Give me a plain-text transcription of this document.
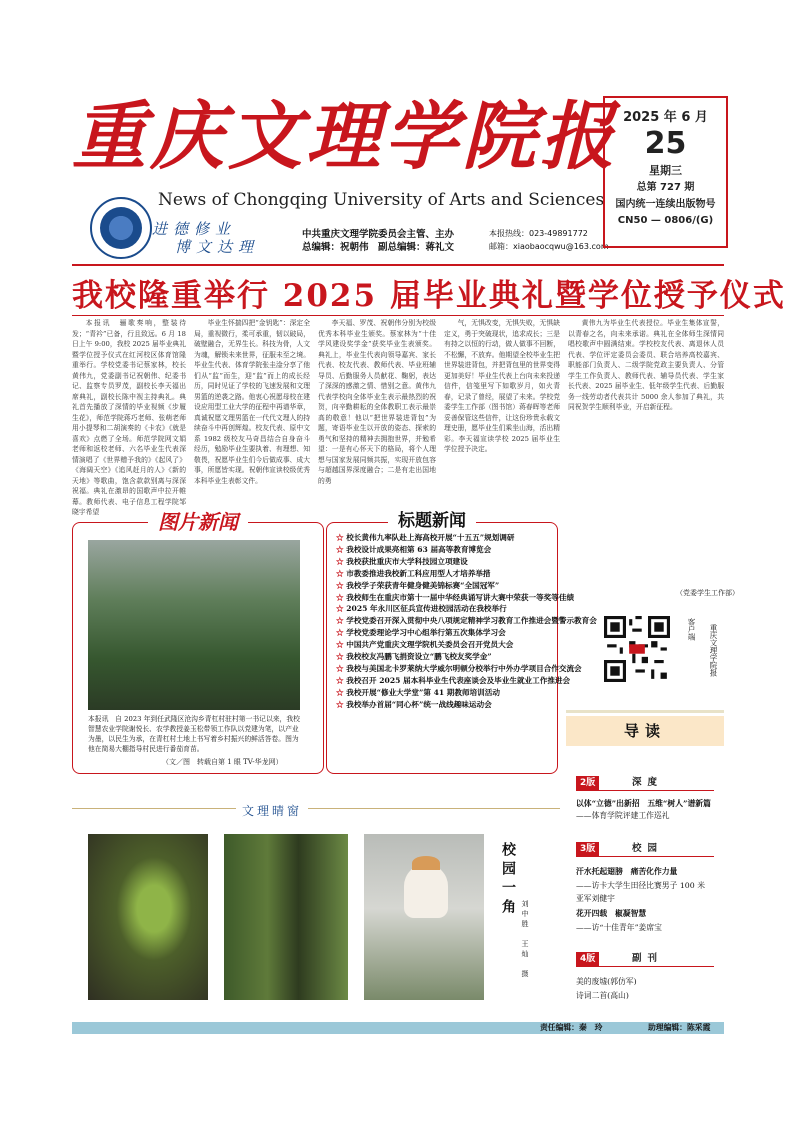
重庆文理学院报
News of Chongqing University of Arts and Sciences
进德修业
博文达理
中共重庆文理学院委员会主管、主办
总编辑：祝朝伟　副总编辑：蒋礼文
本报热线：023-49891772
邮箱：xiaobaocqwu@163.com
2025 年 6 月
25
星期三
总第 727 期
国内统一连续出版物号
CN50 — 0806/(G)
我校隆重举行 2025 届毕业典礼暨学位授予仪式

本报讯　骊歌奏响，整装待发；“青衿”已备，行且致远。6 月 18 日上午 9:00，我校 2025 届毕业典礼暨学位授予仪式在红河校区体育馆隆重举行。学校党委书记蔡家林，校长黄伟九，党委副书记祝朝伟、纪委书记、监察专员罗茂，副校长李天福出席典礼，副校长陈中视主持典礼。典礼首先播放了深情的毕业视频《步履生花》，师范学院蒋巧老师、张萌老师用小提琴和二胡演奏的《卡农》《就是喜欢》点燃了全场。师范学院网文娟老师和返校老师、六名毕业生代表深情演唱了《世界赠予我的》《起风了》《海阔天空》《追风赶月的人》《新的天地》等歌曲，饱含款款别离与深深祝福。典礼在激昂的国歌声中拉开帷幕。教师代表、电子信息工程学院邹晓宇希望

毕业生怀揣四把“金钥匙”：深定全局，重视微行，柔可承重，韧以破局，破壁融合，无界生长。科技为骨，人文为魂，解锁未来世界，征服未至之境。毕业生代表、体育学院张圭淦分享了他们从“监”而生，迎“监”而上的成长经历，同时见证了学校的飞速发展和文理男篮的逆袭之路。他衷心祝愿母校在建设应用型工业大学的征程中再谱华章，真诚祝愿文理男篮在一代代文理人的持续奋斗中再创辉煌。校友代表、原中文系 1982 级校友马奇昌结合自身奋斗经历，勉励毕业生要执着、有理想、知敬畏，祝愿毕业生们今后做成事、成大事，所愿皆实现。祝朝伟宣读校级优秀本科毕业生表彰文件。

李天福、罗茂、祝朝伟分别为校级优秀本科毕业生颁奖。蔡家林为“十佳学风建设奖学金”获奖毕业生表颁奖。典礼上，毕业生代表向领导嘉宾、家长代表、校友代表、教师代表、毕业班辅导员、后勤服务人员献花、鞠躬，表达了深深的感激之情、惜别之意。黄伟九代表学校向全体毕业生表示最热烈的祝贺，向辛勤耕耘的全体教职工表示最崇高的敬意！他以“把世界装进背包”为题，寄语毕业生以开放的姿态、探索的勇气和坚持的精神去拥抱世界，并勉希望：一是有心怀天下的格局，将个人理想与国家发展同频共振，实现开放包容与超越国界深度融合；二是有走出国地的勇

气，无惧改变，无惧失败，无惧缺定义，勇于突破现状，追求成长；三是有持之以恒的行动，做人做事不回断，不松懈，不放弃。他期望全校毕业生把世界装进背包，并把背包里的世界变得更加美好！毕业生代表上台向未来投递信件，信笺里写下如歌岁月，如火青春，记录了曾经，展望了未来。学校党委学生工作部（图书馆）蒋春晖等老师妥善保管这些信件，让这份珍贵永载文理史册，愿毕业生们乘坐山海，活出精彩。李天福宣读学校 2025 届毕业生学位授予决定。

黄伟九为毕业生代表授位。毕业生集体宣誓，以青春之名，向未来承诺。典礼在全体师生深情同唱校歌声中圆满结束。学校校友代表、离退休人员代表、学位评定委员会委员、联合培养高校嘉宾、职能部门负责人、二级学院党政主要负责人、分管学生工作负责人、教师代表、辅导员代表、学生家长代表、2025 届毕业生、低年级学生代表、后勤服务一线劳动者代表共计 5000 余人参加了典礼，共同祝贺学生顺利毕业，开启新征程。

（党委学生工作部）
图片新闻
本报讯　自 2023 年到任武隆区沧沟乡青杠村驻村第一书记以来，我校智慧农业学院谢悦长、农学教授姜玉松带领工作队以党建为笔，以产业为墨，以民生为承，在青杠村土地上书写着乡村振兴的鲜活答卷。图为他在简易大棚指导村民进行番茄育苗。
（文／图　转载自第 1 眼 TV-华龙网）
标题新闻
☆ 校长黄伟九率队赴上海高校开展“十五五”规划调研
☆ 我校设计成果亮相第 63 届高等教育博览会
☆ 我校获批重庆市大学科技园立项建设
☆ 市教委推进我校新工科应用型人才培养举措
☆ 我校学子荣获青年健身健美锦标赛“全国冠军”
☆ 我校师生在重庆市第十一届中华经典诵写讲大赛中荣获一等奖等佳绩
☆ 2025 年永川区征兵宣传进校园活动在我校举行
☆ 学校党委召开深入贯彻中央八项规定精神学习教育工作推进会暨警示教育会
☆ 学校党委理论学习中心组举行第五次集体学习会
☆ 中国共产党重庆文理学院机关委员会召开党员大会
☆ 我校校友冯鹏飞捐资设立“鹏飞校友奖学金”
☆ 我校与美国北卡罗莱纳大学威尔明顿分校举行中外办学项目合作交流会
☆ 我校召开 2025 届本科毕业生代表座谈会及毕业生就业工作推进会
☆ 我校开展“修业大学堂”第 41 期教师培训活动
☆ 我校举办首届“同心杯”统一战线趣味运动会
客户端 重庆文理学院报
导读
2版	深度
以体“立德”出新招　五维“树人”谱新篇
——体育学院评建工作巡礼
3版	校园
汗水托起翅膀　痛苦化作力量
——访卡大学生田径比赛男子 100 米
亚军刘健宇
花开四载　椒凝智慧
——访“十佳青年”姜席宝
4版	副刊
美的废墟(郭仿军)
诗词二首(高山)
文理晴窗
校园一角
刘中胜　王灿　摄
责任编辑：秦　玲	助理编辑：陈采霞
